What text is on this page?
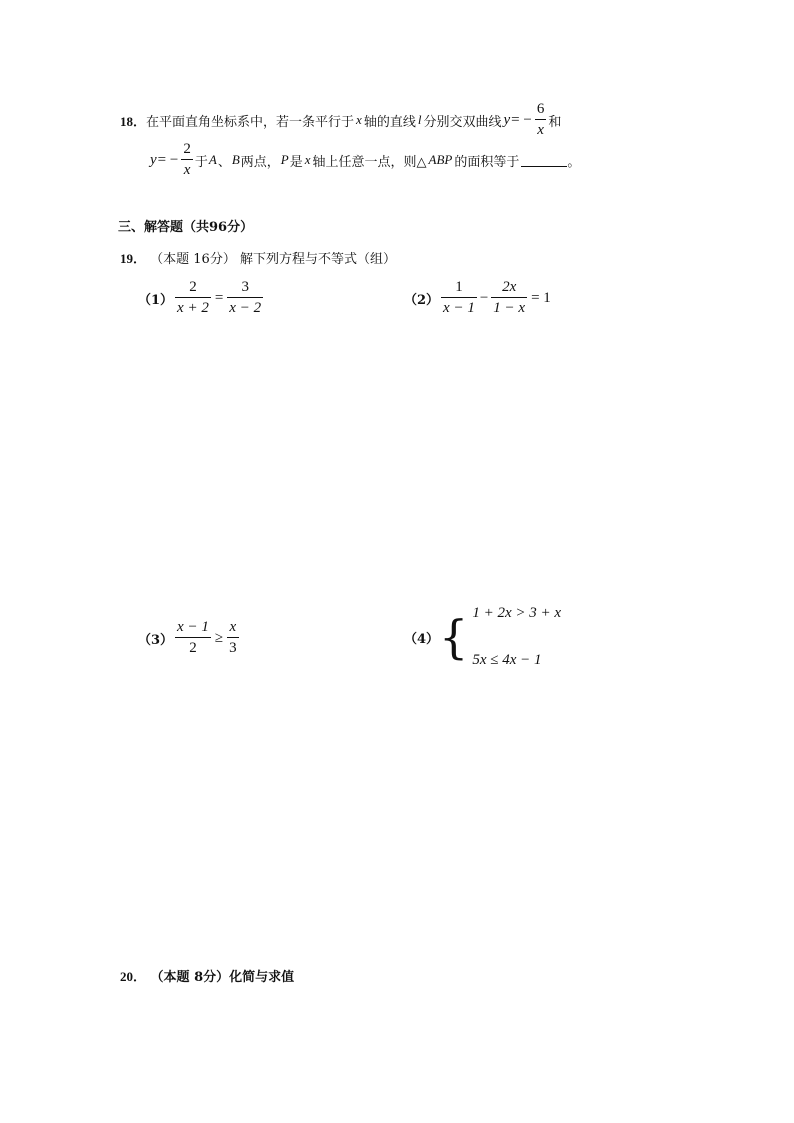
18． 在平面直角坐标系中，若一条平行于 x 轴的直线 l 分别交双曲线 y = − $\frac{6}{x}$ 和
y = − $\frac{2}{x}$ 于 A 、 B 两点， P 是 x 轴上任意一点，则△ ABP 的面积等于	。
三、解答题（共96分）
19． （本题 16分） 解下列方程与不等式（组）
$(1) \frac{2}{x + 2} = \frac{3}{x - 2}$	$(2) \frac{1}{x - 1} - \frac{2x}{1 - x} = 1$
$(3) \frac{x - 1}{2} \ge \frac{x}{3}$	（4） { 1 + 2x > 3 + x
5x ≤ 4x − 1
20． （本题 8分）化简与求值
